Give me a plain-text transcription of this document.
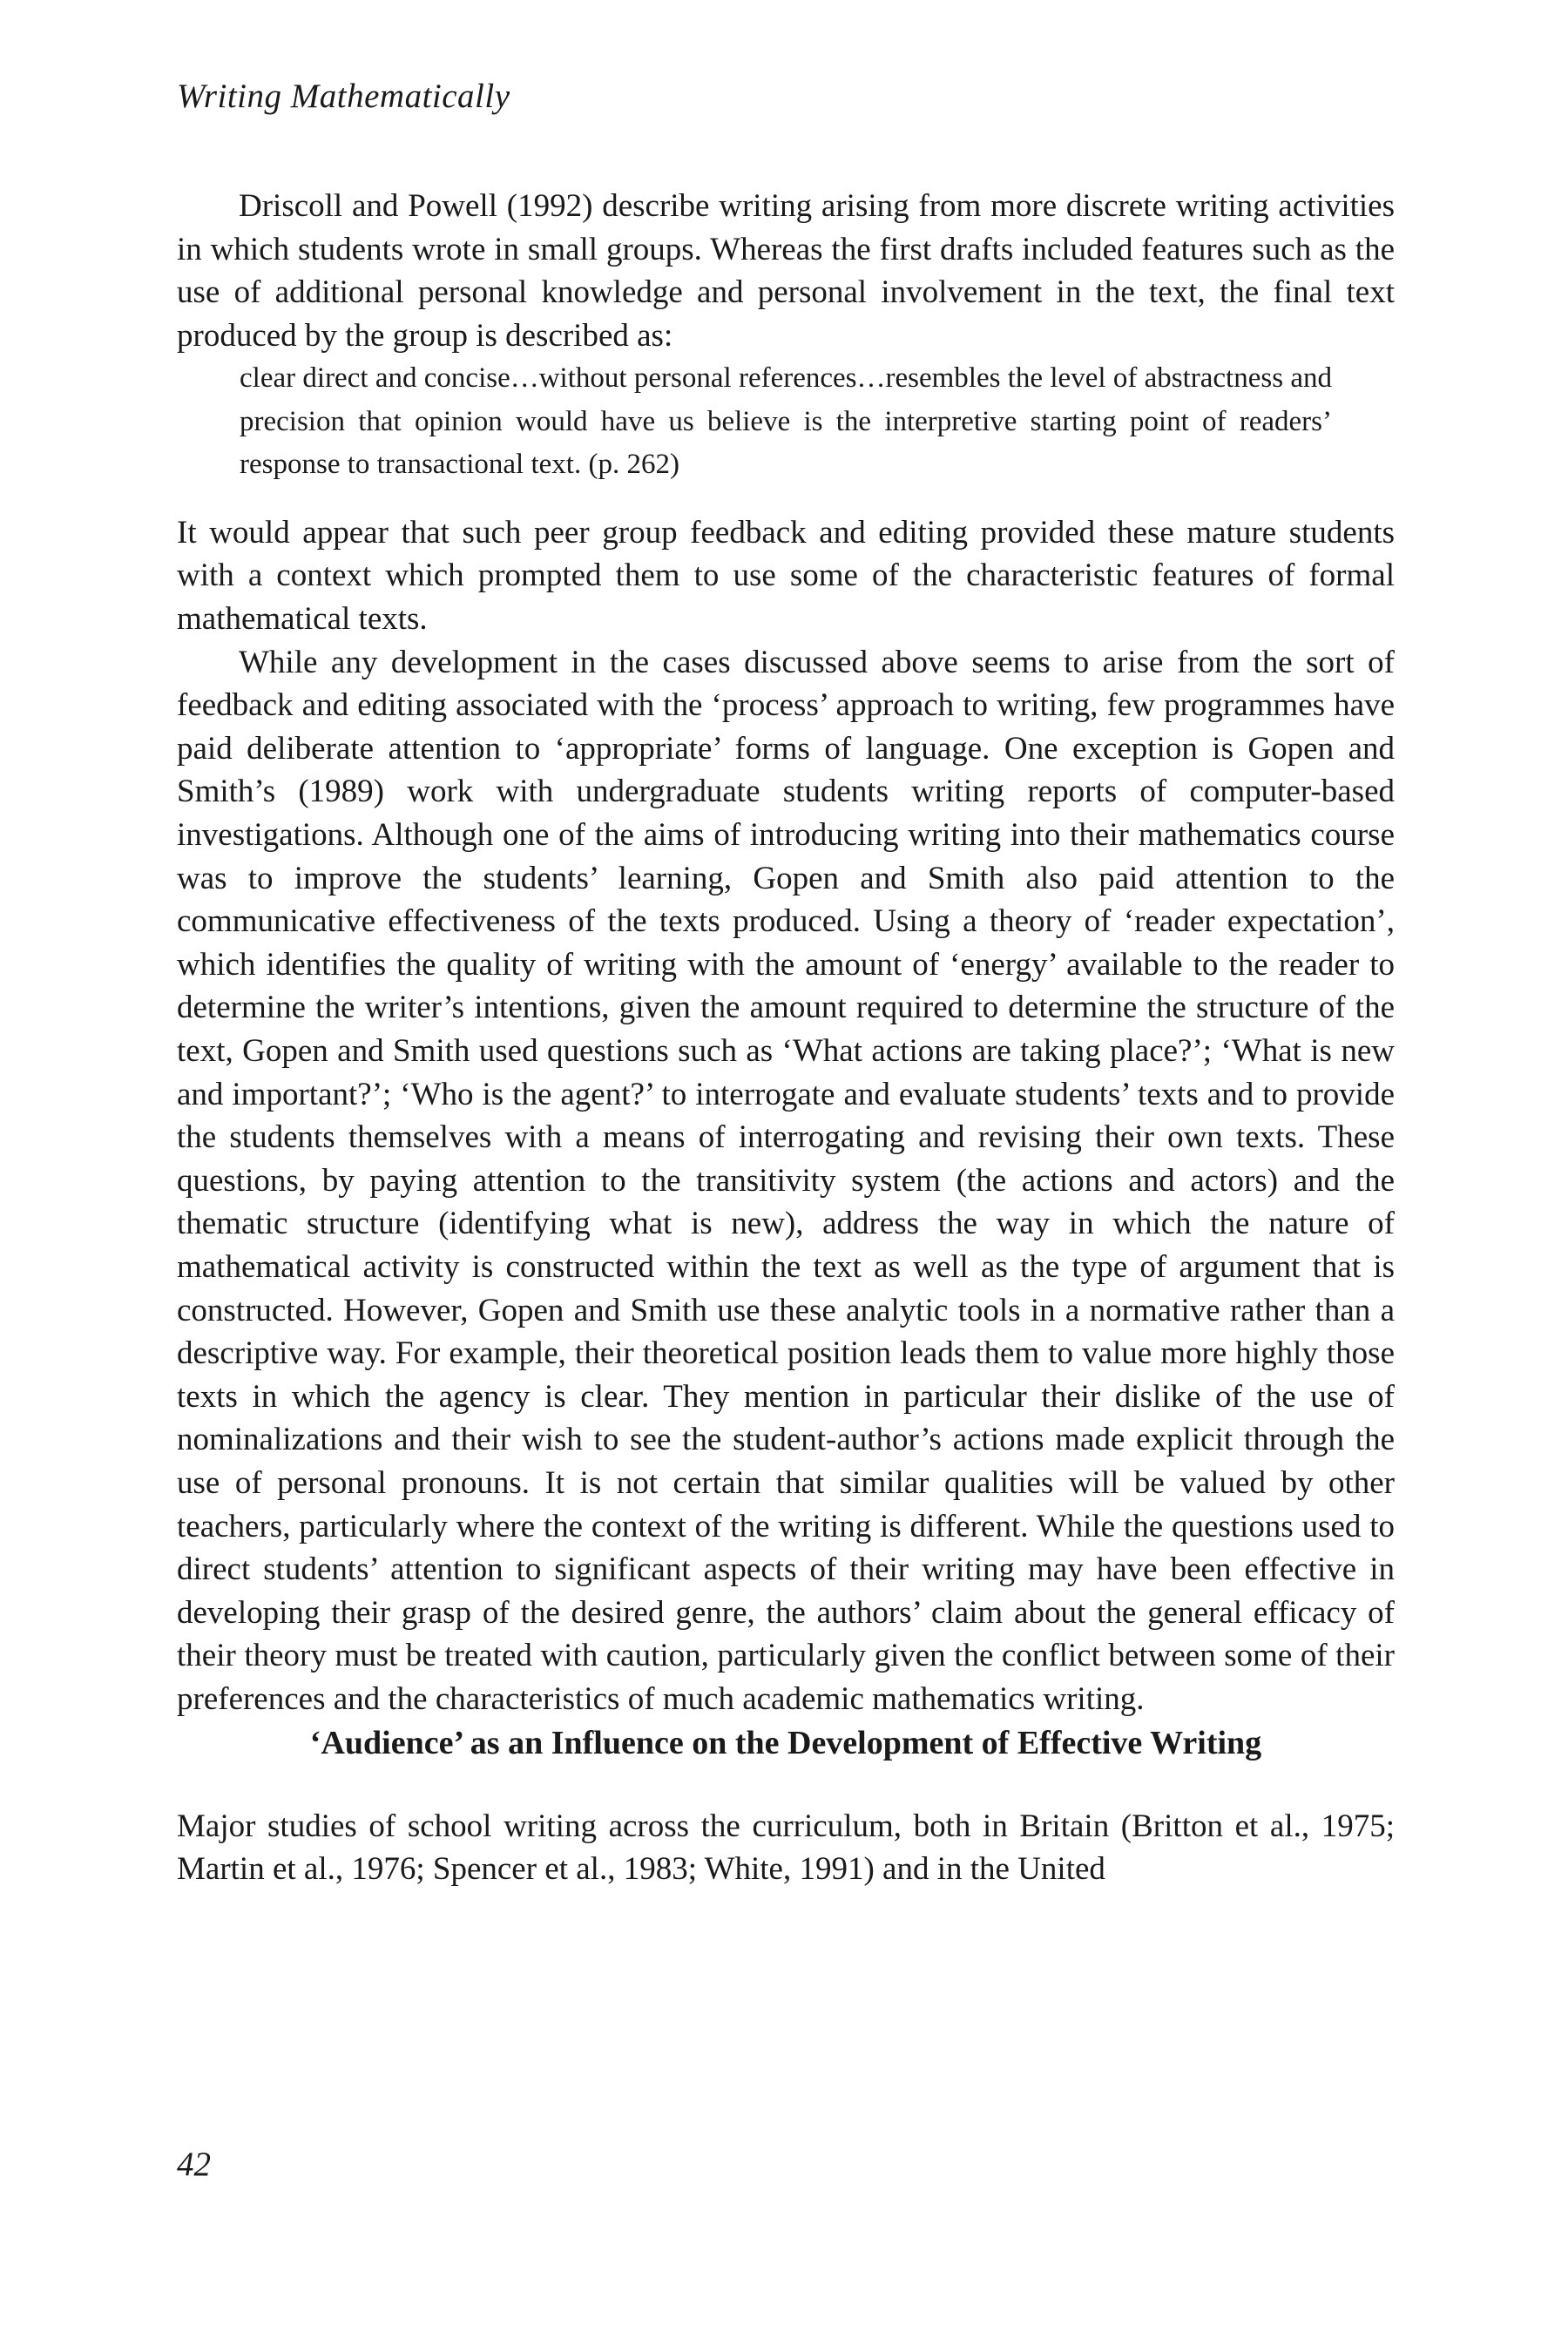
Writing Mathematically

Driscoll and Powell (1992) describe writing arising from more discrete writing activities in which students wrote in small groups. Whereas the first drafts included features such as the use of additional personal knowledge and personal involvement in the text, the final text produced by the group is described as:

clear direct and concise…without personal references…resembles the level of abstractness and precision that opinion would have us believe is the interpretive starting point of readers’ response to transactional text. (p. 262)

It would appear that such peer group feedback and editing provided these mature students with a context which prompted them to use some of the characteristic features of formal mathematical texts.

While any development in the cases discussed above seems to arise from the sort of feedback and editing associated with the ‘process’ approach to writing, few programmes have paid deliberate attention to ‘appropriate’ forms of language. One exception is Gopen and Smith’s (1989) work with undergraduate students writing reports of computer-based investigations. Although one of the aims of introducing writing into their mathematics course was to improve the students’ learning, Gopen and Smith also paid attention to the communicative effectiveness of the texts produced. Using a theory of ‘reader expectation’, which identifies the quality of writing with the amount of ‘energy’ available to the reader to determine the writer’s intentions, given the amount required to determine the structure of the text, Gopen and Smith used questions such as ‘What actions are taking place?’; ‘What is new and important?’; ‘Who is the agent?’ to interrogate and evaluate students’ texts and to provide the students themselves with a means of interrogating and revising their own texts. These questions, by paying attention to the transitivity system (the actions and actors) and the thematic structure (identifying what is new), address the way in which the nature of mathematical activity is constructed within the text as well as the type of argument that is constructed. However, Gopen and Smith use these analytic tools in a normative rather than a descriptive way. For example, their theoretical position leads them to value more highly those texts in which the agency is clear. They mention in particular their dislike of the use of nominalizations and their wish to see the student-author’s actions made explicit through the use of personal pronouns. It is not certain that similar qualities will be valued by other teachers, particularly where the context of the writing is different. While the questions used to direct students’ attention to significant aspects of their writing may have been effective in developing their grasp of the desired genre, the authors’ claim about the general efficacy of their theory must be treated with caution, particularly given the conflict between some of their preferences and the characteristics of much academic mathematics writing.

‘Audience’ as an Influence on the Development of Effective Writing

Major studies of school writing across the curriculum, both in Britain (Britton et al., 1975; Martin et al., 1976; Spencer et al., 1983; White, 1991) and in the United

42
